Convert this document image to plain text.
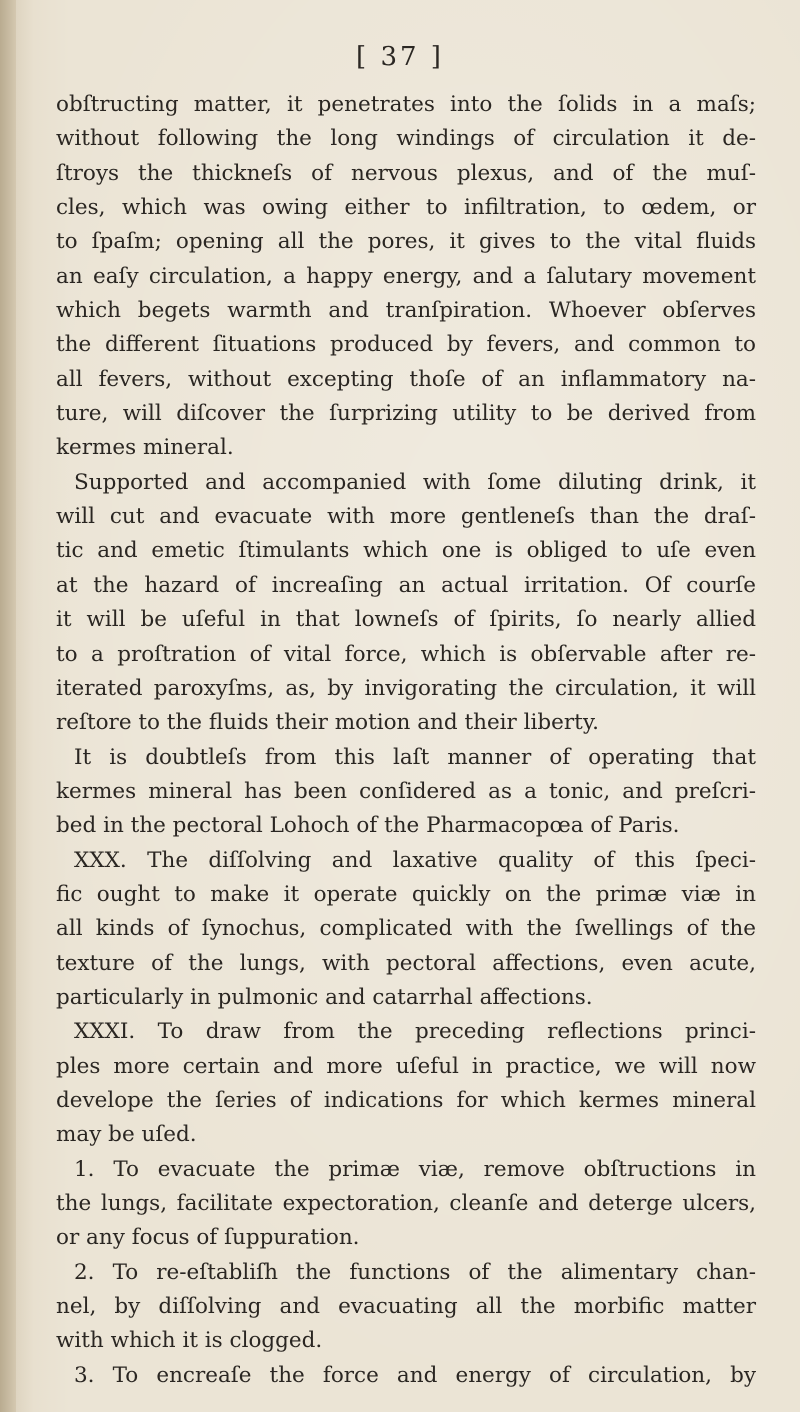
[ 37 ]
obſtructing matter, it penetrates into the ſolids in a maſs;
without following the long windings of circulation it de-
ſtroys the thickneſs of nervous plexus, and of the muſ-
cles, which was owing either to infiltration, to œdem, or
to ſpaſm; opening all the pores, it gives to the vital fluids
an eaſy circulation, a happy energy, and a ſalutary movement
which begets warmth and tranſpiration. Whoever obſerves
the different ſituations produced by fevers, and common to
all fevers, without excepting thoſe of an inflammatory na-
ture, will diſcover the ſurprizing utility to be derived from
kermes mineral.
Supported and accompanied with ſome diluting drink, it
will cut and evacuate with more gentleneſs than the draſ-
tic and emetic ſtimulants which one is obliged to uſe even
at the hazard of increaſing an actual irritation. Of courſe
it will be uſeful in that lowneſs of ſpirits, ſo nearly allied
to a proſtration of vital force, which is obſervable after re-
iterated paroxyſms, as, by invigorating the circulation, it will
reſtore to the fluids their motion and their liberty.
It is doubtleſs from this laſt manner of operating that
kermes mineral has been conſidered as a tonic, and preſcri-
bed in the pectoral Lohoch of the Pharmacopœa of Paris.
XXX. The diſſolving and laxative quality of this ſpeci-
fic ought to make it operate quickly on the primæ viæ in
all kinds of ſynochus, complicated with the ſwellings of the
texture of the lungs, with pectoral affections, even acute,
particularly in pulmonic and catarrhal affections.
XXXI. To draw from the preceding reflections princi-
ples more certain and more uſeful in practice, we will now
develope the ſeries of indications for which kermes mineral
may be uſed.
1. To evacuate the primæ viæ, remove obſtructions in
the lungs, facilitate expectoration, cleanſe and deterge ulcers,
or any focus of ſuppuration.
2. To re-eſtabliſh the functions of the alimentary chan-
nel, by diſſolving and evacuating all the morbific matter
with which it is clogged.
3. To encreaſe the force and energy of circulation, by
